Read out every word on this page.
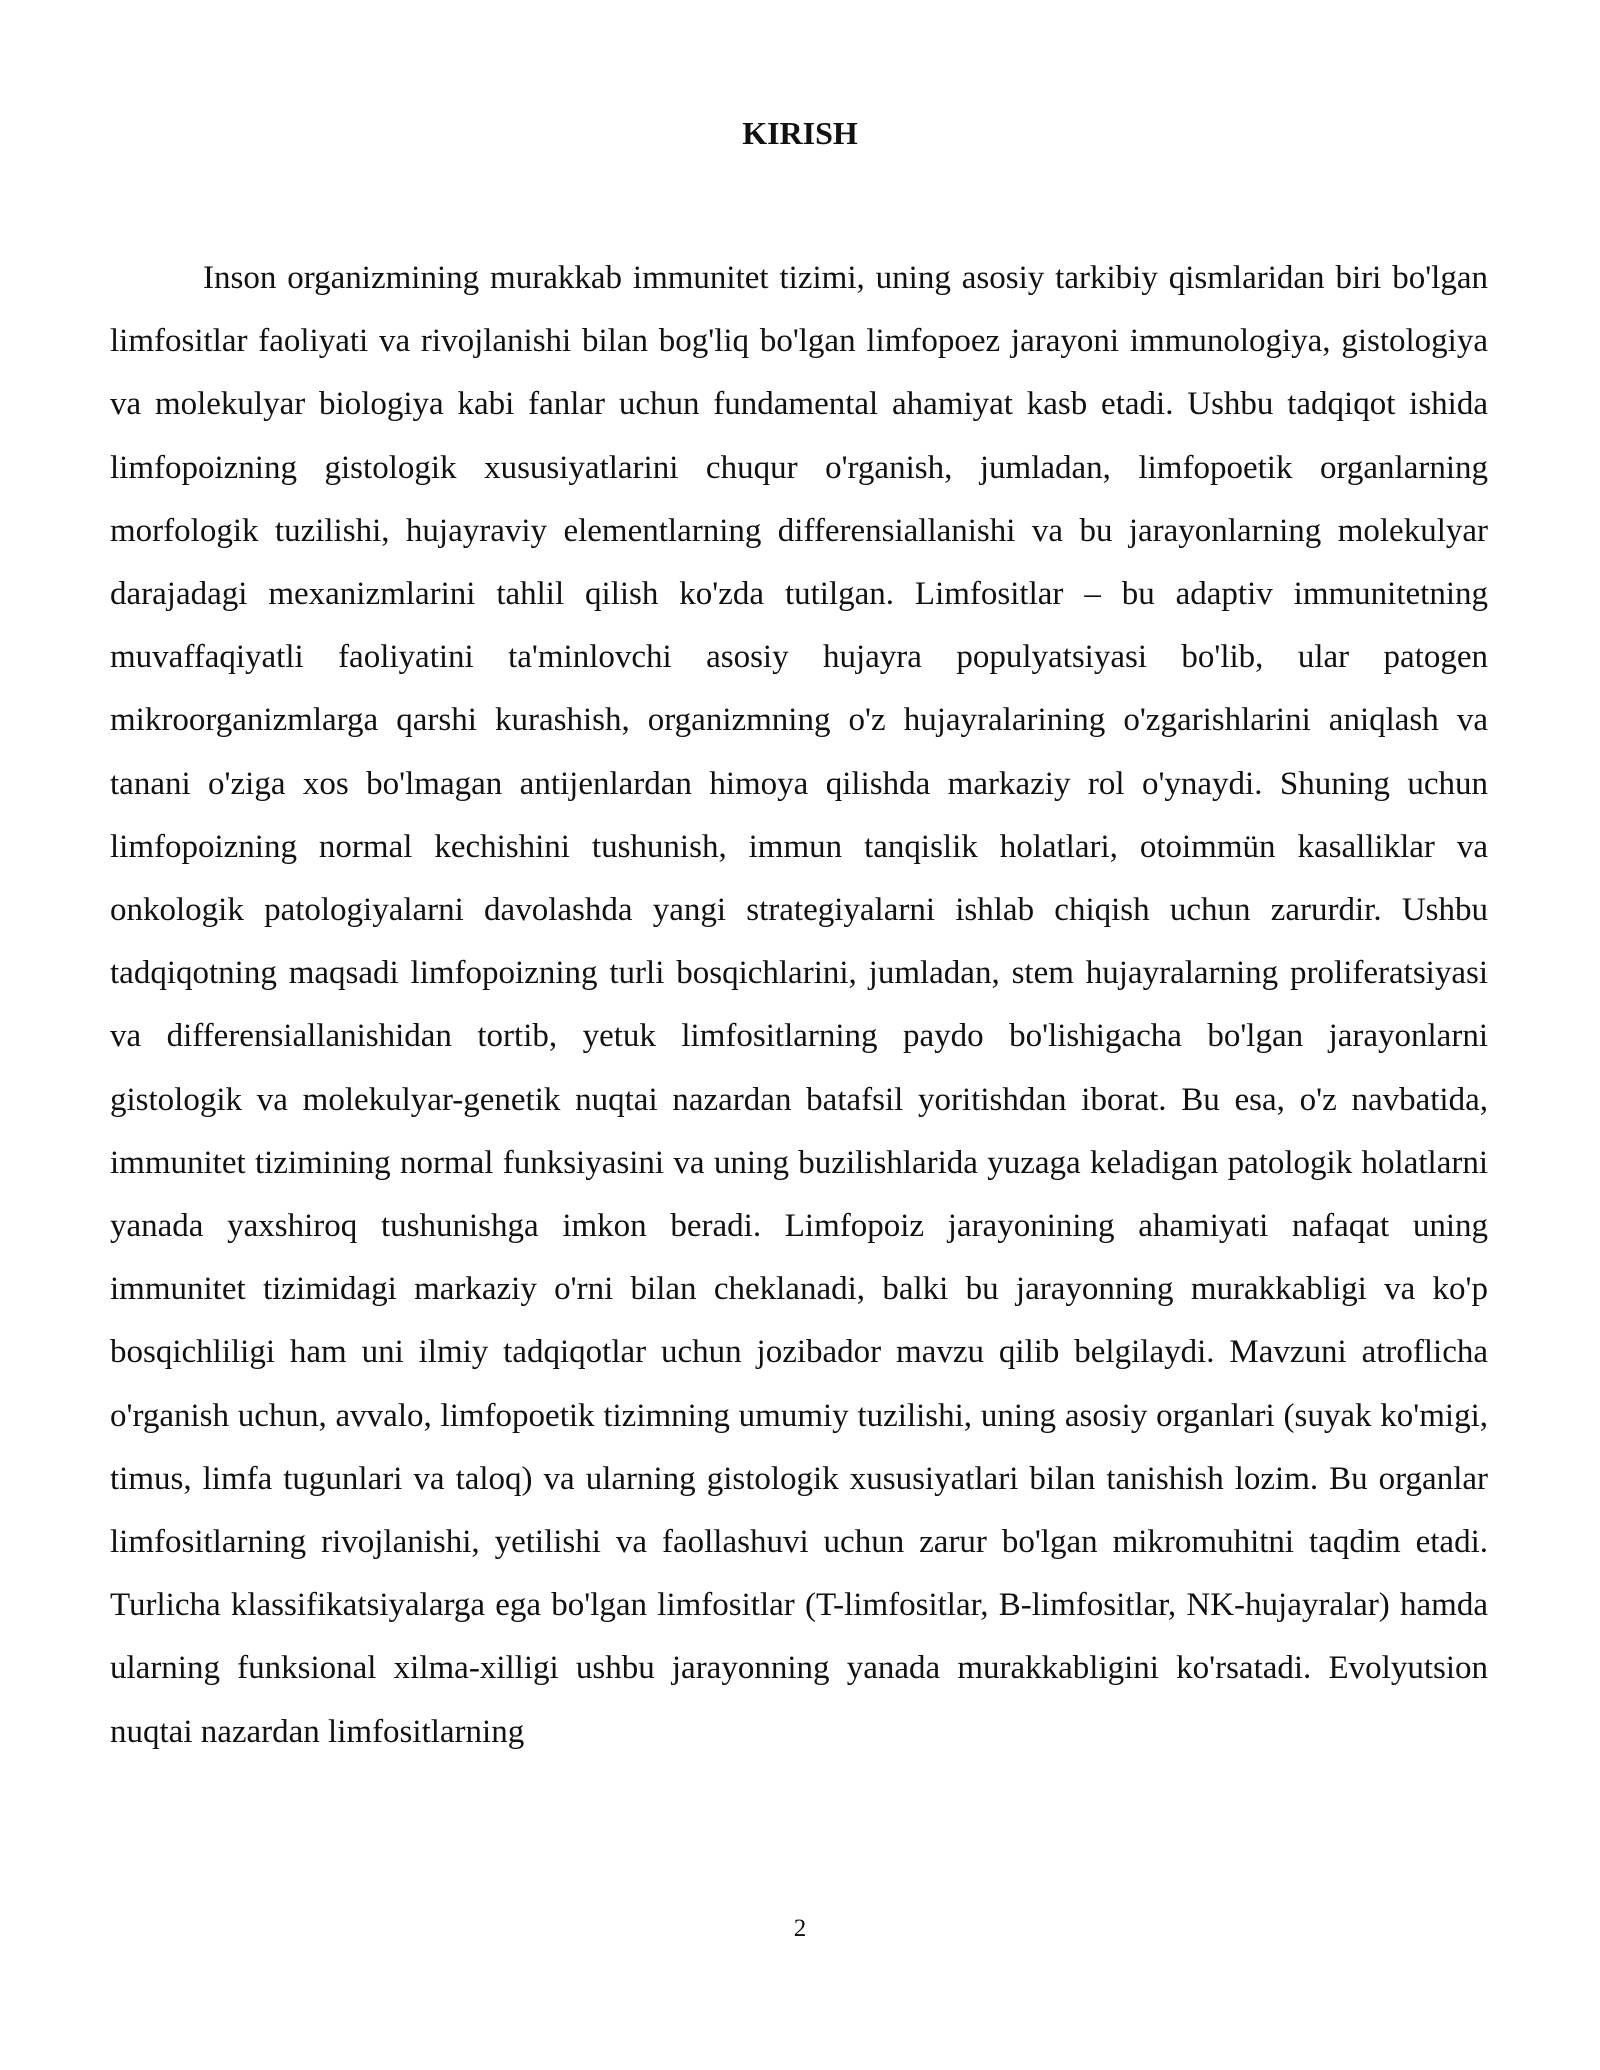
KIRISH

Inson organizmining murakkab immunitet tizimi, uning asosiy tarkibiy qismlaridan biri bo'lgan limfositlar faoliyati va rivojlanishi bilan bog'liq bo'lgan limfopoez jarayoni immunologiya, gistologiya va molekulyar biologiya kabi fanlar uchun fundamental ahamiyat kasb etadi. Ushbu tadqiqot ishida limfopoizning gistologik xususiyatlarini chuqur o'rganish, jumladan, limfopoetik organlarning morfologik tuzilishi, hujayraviy elementlarning differensiallanishi va bu jarayonlarning molekulyar darajadagi mexanizmlarini tahlil qilish ko'zda tutilgan. Limfositlar – bu adaptiv immunitetning muvaffaqiyatli faoliyatini ta'minlovchi asosiy hujayra populyatsiyasi bo'lib, ular patogen mikroorganizmlarga qarshi kurashish, organizmning o'z hujayralarining o'zgarishlarini aniqlash va tanani o'ziga xos bo'lmagan antijenlardan himoya qilishda markaziy rol o'ynaydi. Shuning uchun limfopoizning normal kechishini tushunish, immun tanqislik holatlari, otoimmün kasalliklar va onkologik patologiyalarni davolashda yangi strategiyalarni ishlab chiqish uchun zarurdir. Ushbu tadqiqotning maqsadi limfopoizning turli bosqichlarini, jumladan, stem hujayralarning proliferatsiyasi va differensiallanishidan tortib, yetuk limfositlarning paydo bo'lishigacha bo'lgan jarayonlarni gistologik va molekulyar-genetik nuqtai nazardan batafsil yoritishdan iborat. Bu esa, o'z navbatida, immunitet tizimining normal funksiyasini va uning buzilishlarida yuzaga keladigan patologik holatlarni yanada yaxshiroq tushunishga imkon beradi. Limfopoiz jarayonining ahamiyati nafaqat uning immunitet tizimidagi markaziy o'rni bilan cheklanadi, balki bu jarayonning murakkabligi va ko'p bosqichliligi ham uni ilmiy tadqiqotlar uchun jozibador mavzu qilib belgilaydi. Mavzuni atroflicha o'rganish uchun, avvalo, limfopoetik tizimning umumiy tuzilishi, uning asosiy organlari (suyak ko'migi, timus, limfa tugunlari va taloq) va ularning gistologik xususiyatlari bilan tanishish lozim. Bu organlar limfositlarning rivojlanishi, yetilishi va faollashuvi uchun zarur bo'lgan mikromuhitni taqdim etadi. Turlicha klassifikatsiyalarga ega bo'lgan limfositlar (T-limfositlar, B-limfositlar, NK-hujayralar) hamda ularning funksional xilma-xilligi ushbu jarayonning yanada murakkabligini ko'rsatadi. Evolyutsion nuqtai nazardan limfositlarning

2
